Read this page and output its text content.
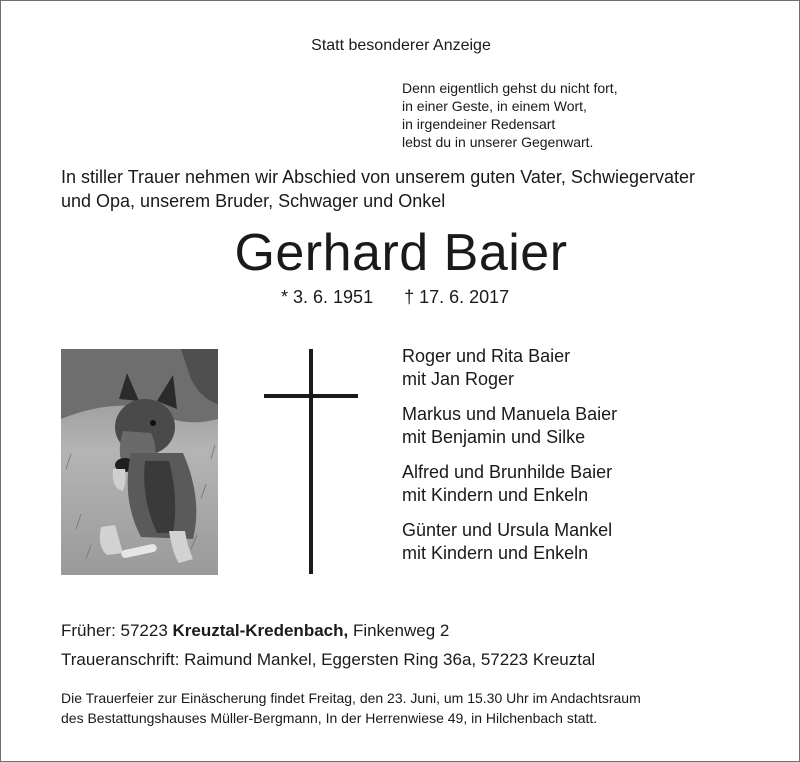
Statt besonderer Anzeige
Denn eigentlich gehst du nicht fort,
in einer Geste, in einem Wort,
in irgendeiner Redensart
lebst du in unserer Gegenwart.
In stiller Trauer nehmen wir Abschied von unserem guten Vater, Schwiegervater
und Opa, unserem Bruder, Schwager und Onkel
Gerhard Baier
* 3. 6. 1951 † 17. 6. 2017
Roger und Rita Baier
mit Jan Roger
Markus und Manuela Baier
mit Benjamin und Silke
Alfred und Brunhilde Baier
mit Kindern und Enkeln
Günter und Ursula Mankel
mit Kindern und Enkeln
Früher: 57223 Kreuztal-Kredenbach, Finkenweg 2
Traueranschrift: Raimund Mankel, Eggersten Ring 36a, 57223 Kreuztal
Die Trauerfeier zur Einäscherung findet Freitag, den 23. Juni, um 15.30 Uhr im Andachtsraum
des Bestattungshauses Müller-Bergmann, In der Herrenwiese 49, in Hilchenbach statt.
